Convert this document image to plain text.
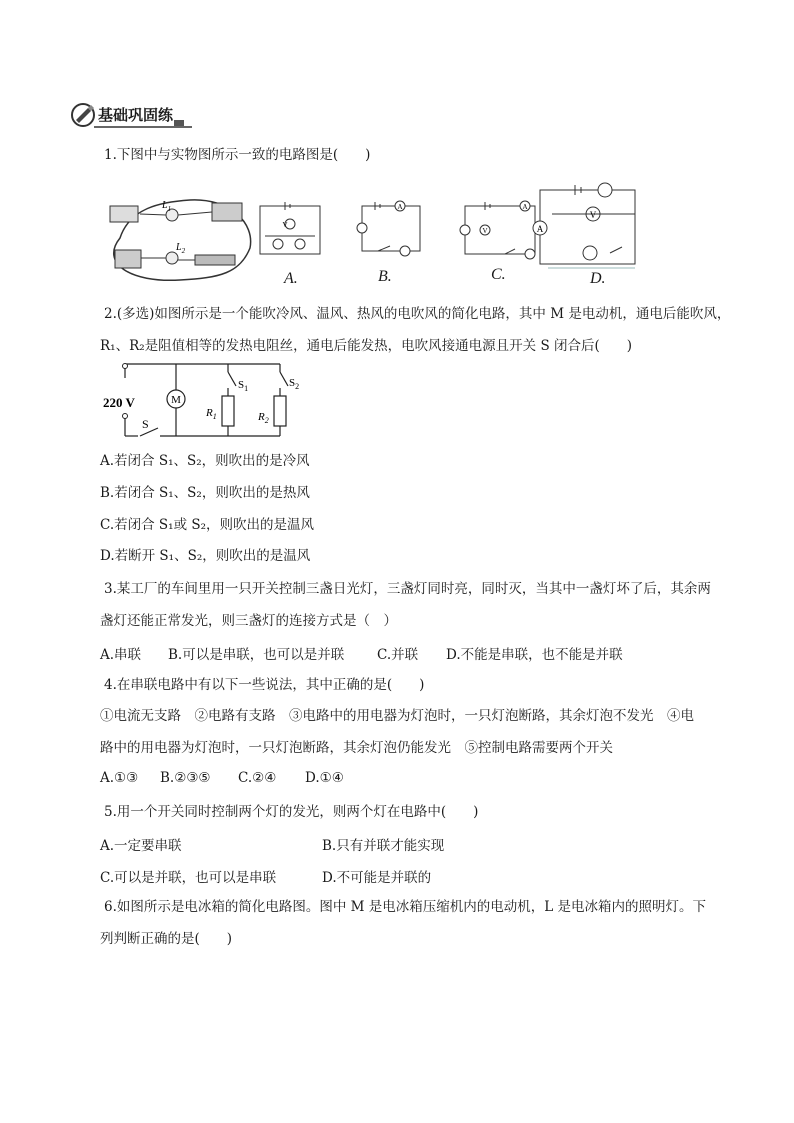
基础巩固练
1.下图中与实物图所示一致的电路图是(　　)
$L_1$
$L_2$
V
A	A
V
V
A
A.	B.	C.	D.
2.(多选)如图所示是一个能吹冷风、温风、热风的电吹风的简化电路，其中 M 是电动机，通电后能吹风，
R₁、R₂是阻值相等的发热电阻丝，通电后能发热，电吹风接通电源且开关 S 闭合后(　　)
M
220 V
S
$S_1$	$S_2$
$R_1$	$R_2$
A.若闭合 S₁、S₂，则吹出的是冷风
B.若闭合 S₁、S₂，则吹出的是热风
C.若闭合 S₁或 S₂，则吹出的是温风
D.若断开 S₁、S₂，则吹出的是温风
3.某工厂的车间里用一只开关控制三盏日光灯，三盏灯同时亮，同时灭，当其中一盏灯坏了后，其余两
盏灯还能正常发光，则三盏灯的连接方式是（　）
A.串联 B.可以是串联，也可以是并联 C.并联 D.不能是串联，也不能是并联
4.在串联电路中有以下一些说法，其中正确的是(　　)
①电流无支路　②电路有支路　③电路中的用电器为灯泡时，一只灯泡断路，其余灯泡不发光　④电
路中的用电器为灯泡时，一只灯泡断路，其余灯泡仍能发光　⑤控制电路需要两个开关
A.①③ B.②③⑤ C.②④ D.①④
5.用一个开关同时控制两个灯的发光，则两个灯在电路中(　　)
A.一定要串联	B.只有并联才能实现
C.可以是并联，也可以是串联	D.不可能是并联的
6.如图所示是电冰箱的简化电路图。图中 M 是电冰箱压缩机内的电动机，L 是电冰箱内的照明灯。下
列判断正确的是(　　)
